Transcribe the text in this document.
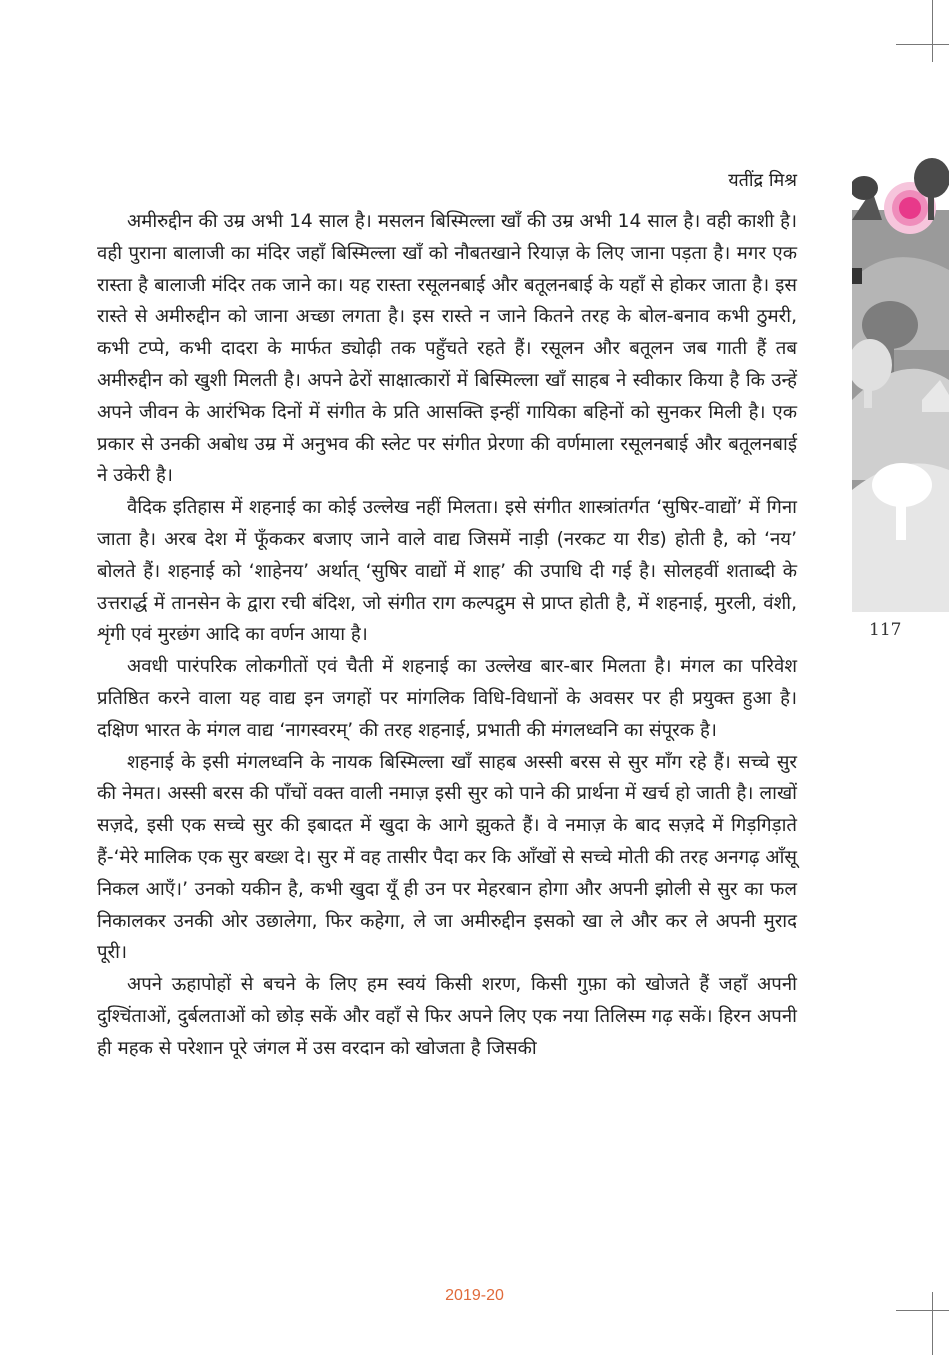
यतींद्र मिश्र

अमीरुद्दीन की उम्र अभी 14 साल है। मसलन बिस्मिल्ला खाँ की उम्र अभी 14 साल है। वही काशी है। वही पुराना बालाजी का मंदिर जहाँ बिस्मिल्ला खाँ को नौबतखाने रियाज़ के लिए जाना पड़ता है। मगर एक रास्ता है बालाजी मंदिर तक जाने का। यह रास्ता रसूलनबाई और बतूलनबाई के यहाँ से होकर जाता है। इस रास्ते से अमीरुद्दीन को जाना अच्छा लगता है। इस रास्ते न जाने कितने तरह के बोल-बनाव कभी ठुमरी, कभी टप्पे, कभी दादरा के मार्फत ड्योढ़ी तक पहुँचते रहते हैं। रसूलन और बतूलन जब गाती हैं तब अमीरुद्दीन को खुशी मिलती है। अपने ढेरों साक्षात्कारों में बिस्मिल्ला खाँ साहब ने स्वीकार किया है कि उन्हें अपने जीवन के आरंभिक दिनों में संगीत के प्रति आसक्ति इन्हीं गायिका बहिनों को सुनकर मिली है। एक प्रकार से उनकी अबोध उम्र में अनुभव की स्लेट पर संगीत प्रेरणा की वर्णमाला रसूलनबाई और बतूलनबाई ने उकेरी है।

वैदिक इतिहास में शहनाई का कोई उल्लेख नहीं मिलता। इसे संगीत शास्त्रांतर्गत ‘सुषिर-वाद्यों’ में गिना जाता है। अरब देश में फूँककर बजाए जाने वाले वाद्य जिसमें नाड़ी (नरकट या रीड) होती है, को ‘नय’ बोलते हैं। शहनाई को ‘शाहेनय’ अर्थात् ‘सुषिर वाद्यों में शाह’ की उपाधि दी गई है। सोलहवीं शताब्दी के उत्तरार्द्ध में तानसेन के द्वारा रची बंदिश, जो संगीत राग कल्पद्रुम से प्राप्त होती है, में शहनाई, मुरली, वंशी, शृंगी एवं मुरछंग आदि का वर्णन आया है।

अवधी पारंपरिक लोकगीतों एवं चैती में शहनाई का उल्लेख बार-बार मिलता है। मंगल का परिवेश प्रतिष्ठित करने वाला यह वाद्य इन जगहों पर मांगलिक विधि-विधानों के अवसर पर ही प्रयुक्त हुआ है। दक्षिण भारत के मंगल वाद्य ‘नागस्वरम्’ की तरह शहनाई, प्रभाती की मंगलध्वनि का संपूरक है।

शहनाई के इसी मंगलध्वनि के नायक बिस्मिल्ला खाँ साहब अस्सी बरस से सुर माँग रहे हैं। सच्चे सुर की नेमत। अस्सी बरस की पाँचों वक्त वाली नमाज़ इसी सुर को पाने की प्रार्थना में खर्च हो जाती है। लाखों सज़दे, इसी एक सच्चे सुर की इबादत में खुदा के आगे झुकते हैं। वे नमाज़ के बाद सज़दे में गिड़गिड़ाते हैं-‘मेरे मालिक एक सुर बख्श दे। सुर में वह तासीर पैदा कर कि आँखों से सच्चे मोती की तरह अनगढ़ आँसू निकल आएँ।’ उनको यकीन है, कभी खुदा यूँ ही उन पर मेहरबान होगा और अपनी झोली से सुर का फल निकालकर उनकी ओर उछालेगा, फिर कहेगा, ले जा अमीरुद्दीन इसको खा ले और कर ले अपनी मुराद पूरी।

अपने ऊहापोहों से बचने के लिए हम स्वयं किसी शरण, किसी गुफ़ा को खोजते हैं जहाँ अपनी दुश्चिंताओं, दुर्बलताओं को छोड़ सकें और वहाँ से फिर अपने लिए एक नया तिलिस्म गढ़ सकें। हिरन अपनी ही महक से परेशान पूरे जंगल में उस वरदान को खोजता है जिसकी

117
2019-20
